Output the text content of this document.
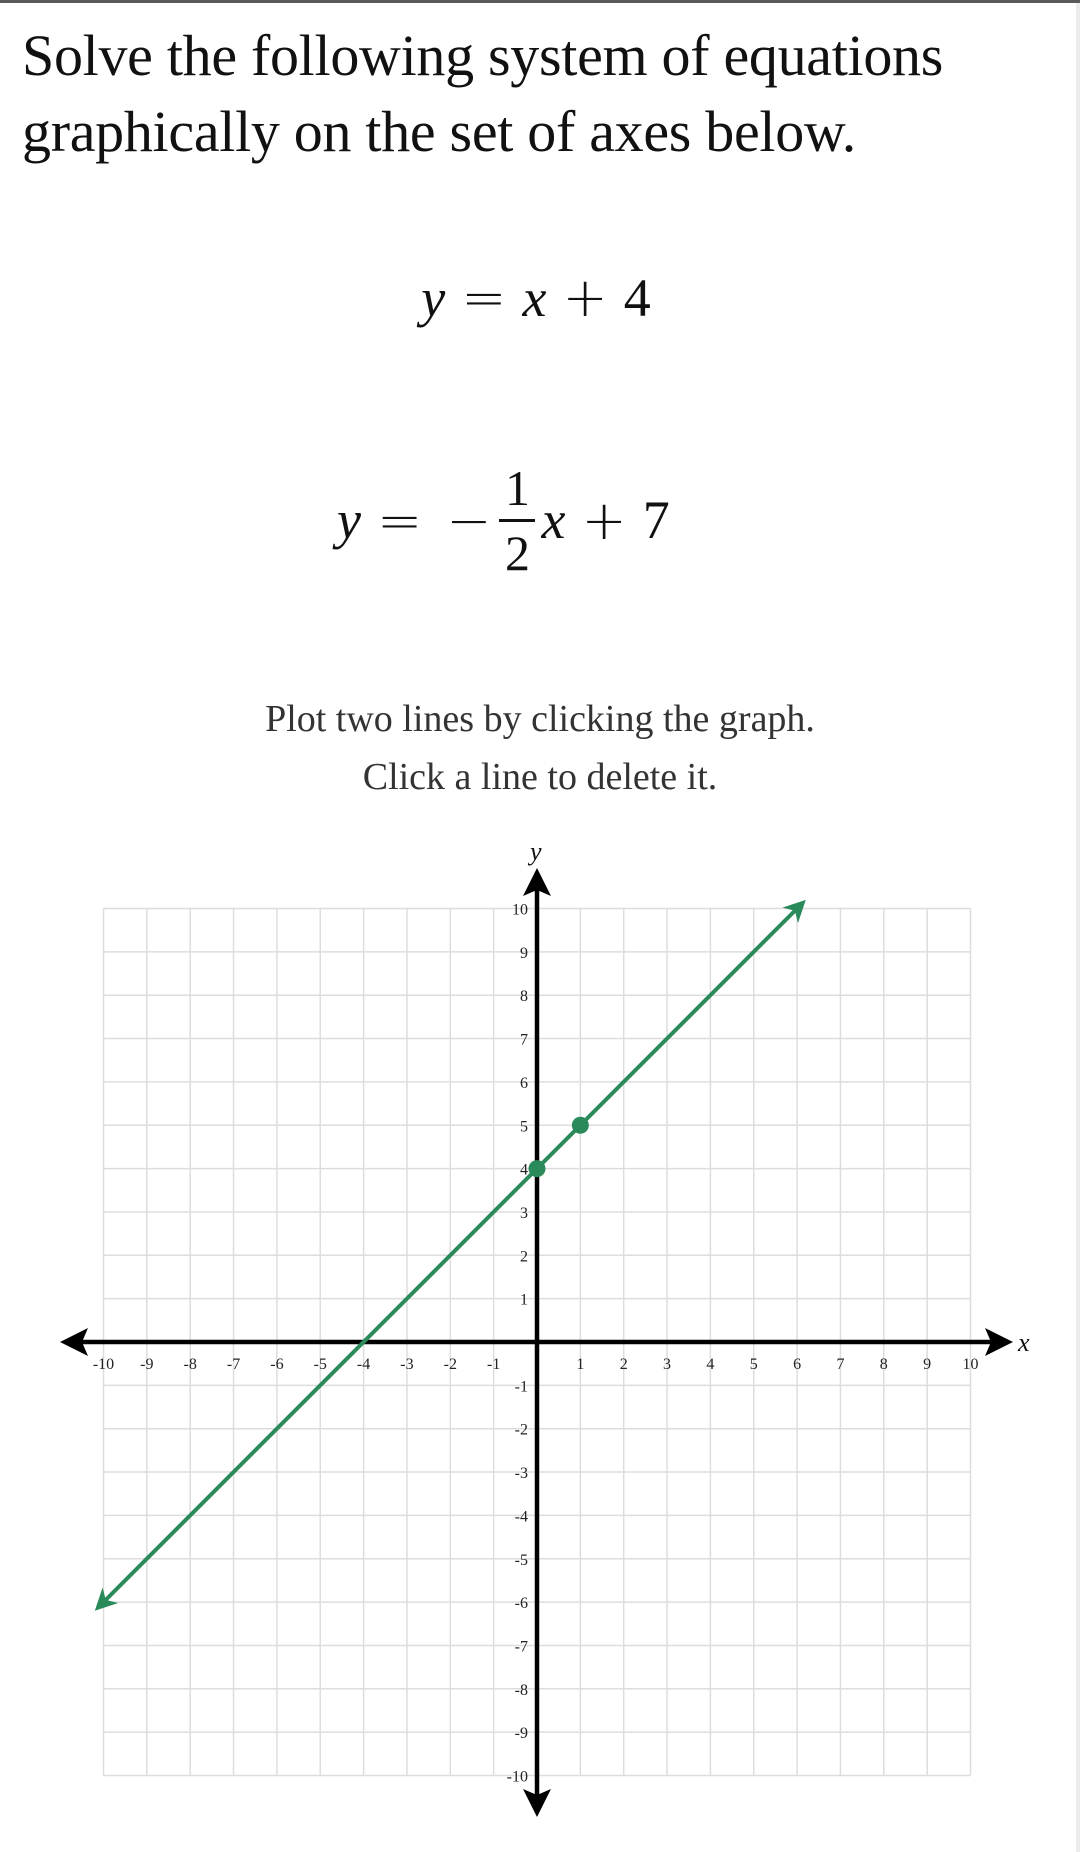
Solve the following system of equations
graphically on the set of axes below.
y = x + 4
y = − $\frac{1}{2}$ x + 7
Plot two lines by clicking the graph.
Click a line to delete it.
x
y
-10 -9 -8 -7 -6 -5 -4 -3 -2 -1	1 2 3 4 5 6 7 8 9 10
10
9
8
7
6
5
4
3
2
1
-1
-2
-3
-4
-5
-6
-7
-8
-9
-10
